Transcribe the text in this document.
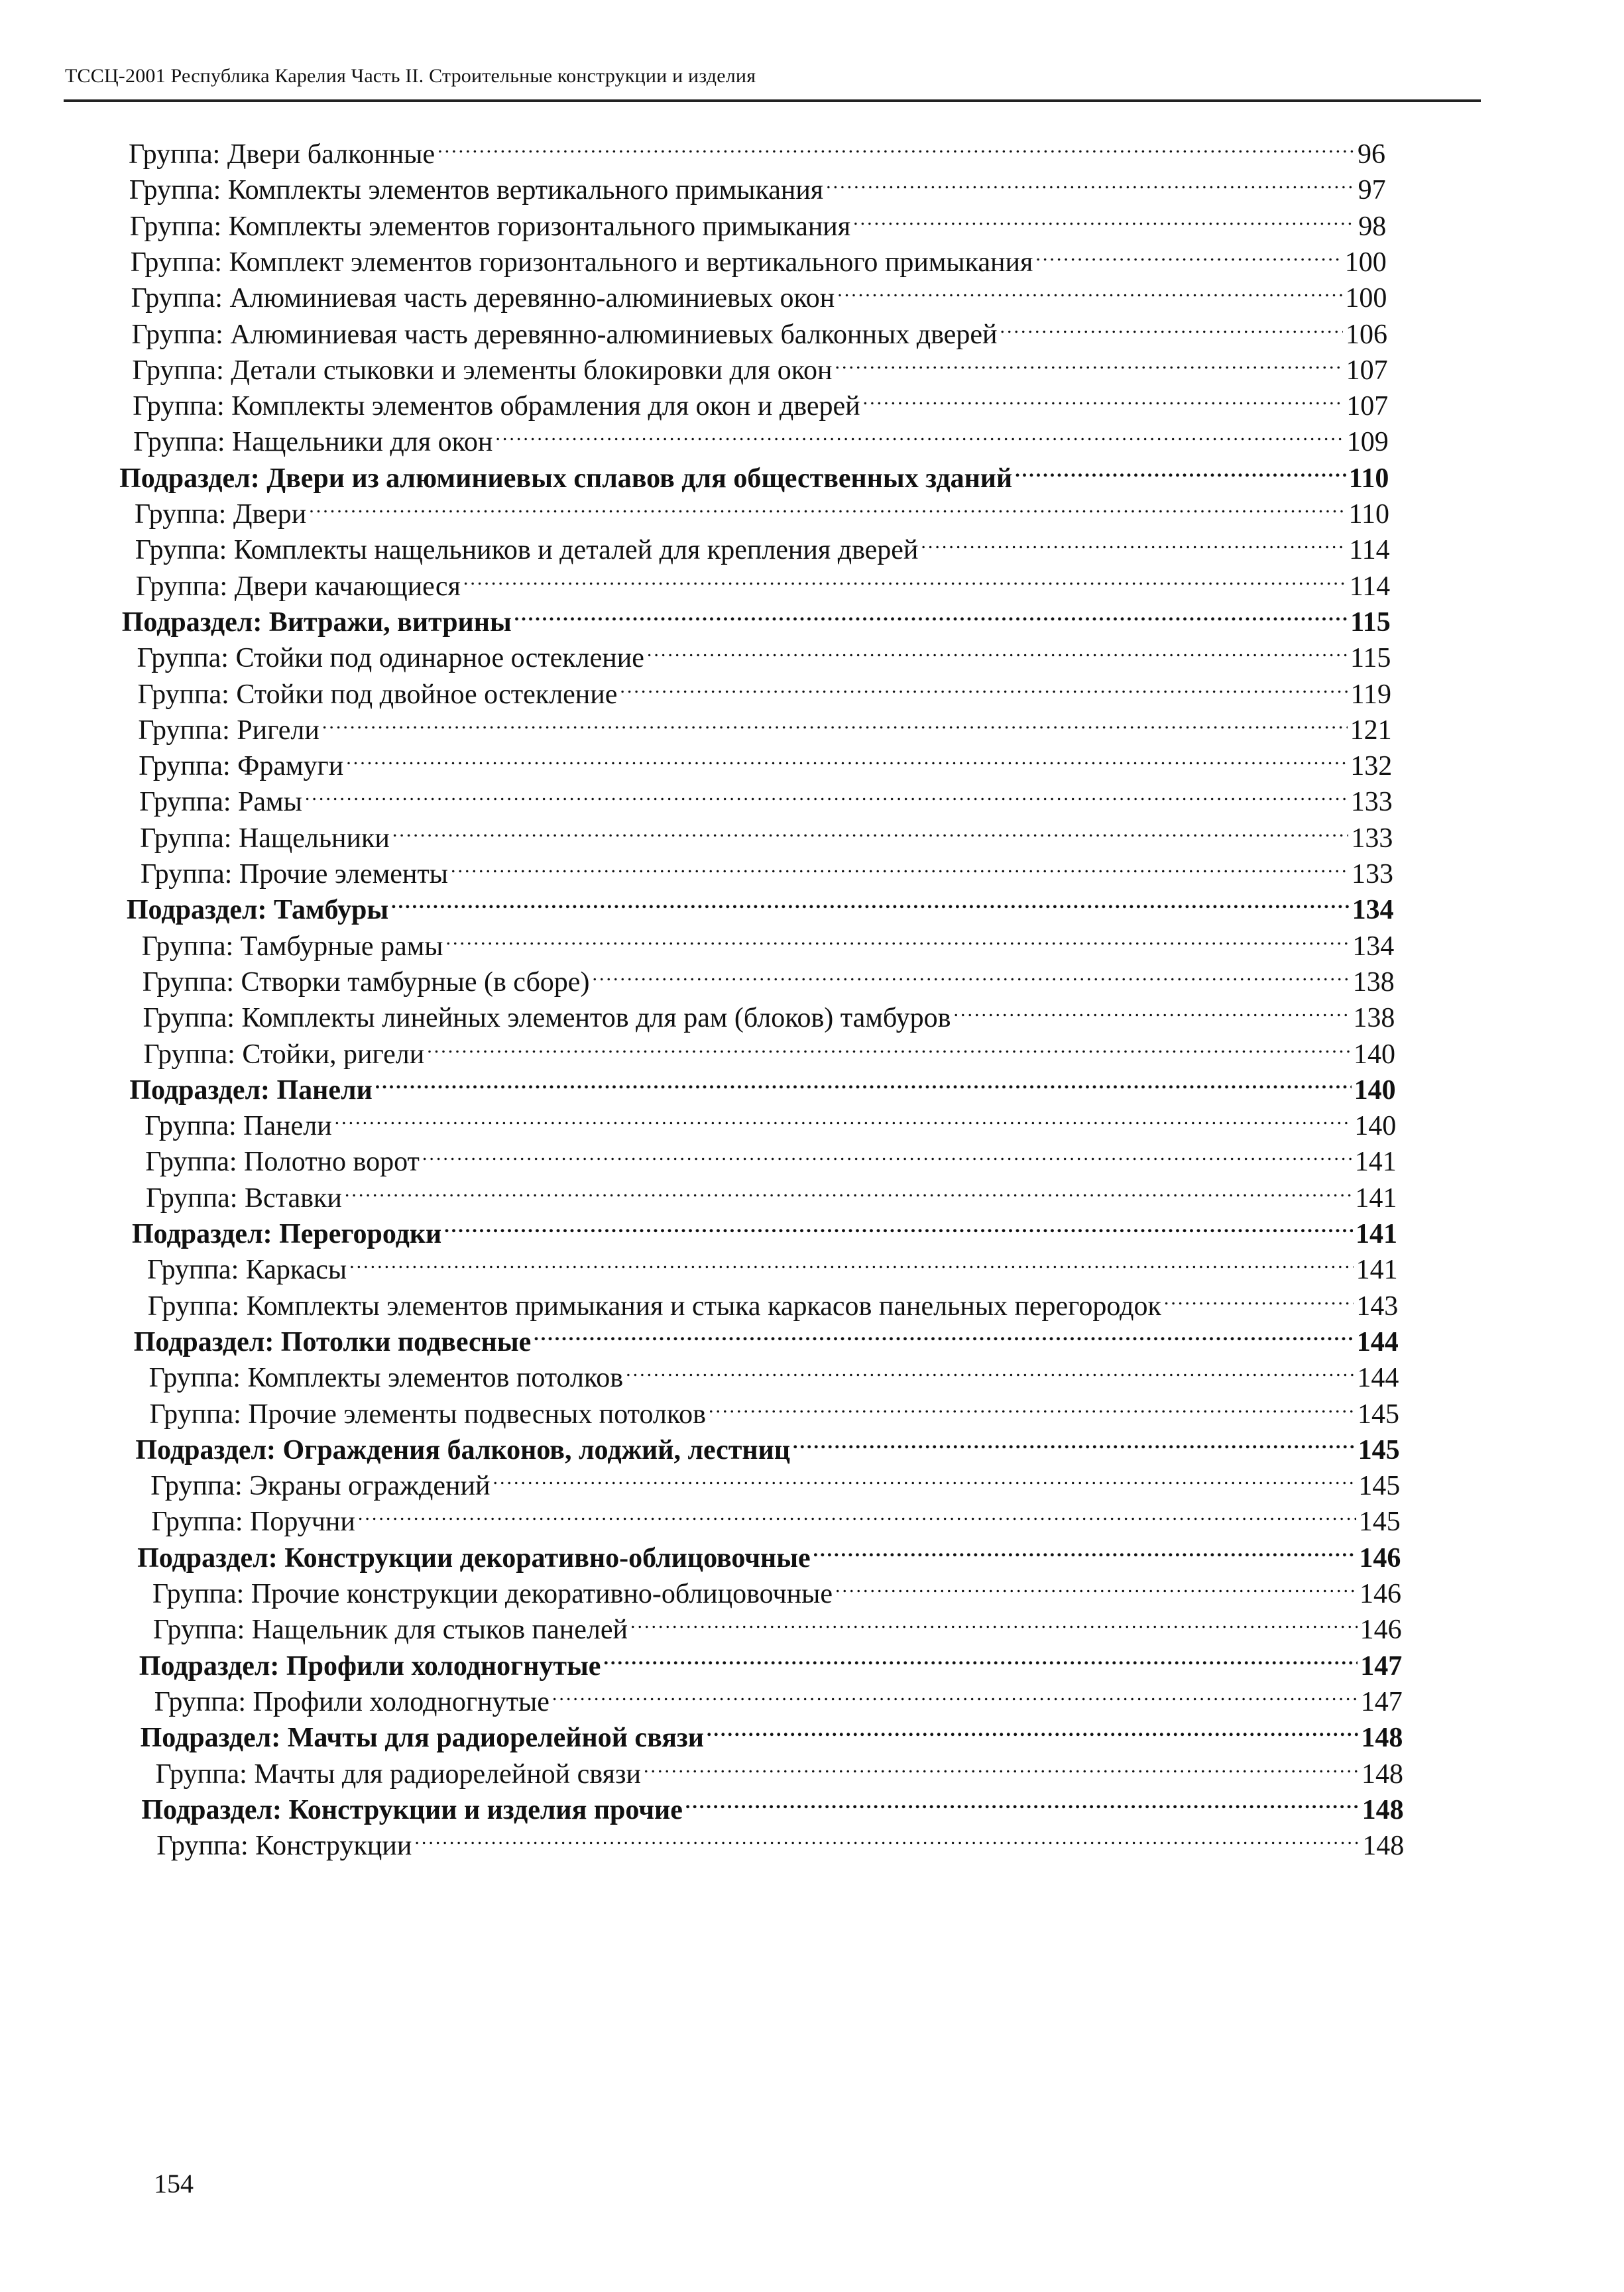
ТССЦ-2001 Республика Карелия Часть II. Строительные конструкции и изделия
Группа: Двери балконные .....	96
Группа: Комплекты элементов вертикального примыкания .....	97
Группа: Комплекты элементов горизонтального примыкания .....	98
Группа: Комплект элементов горизонтального и вертикального примыкания .....	100
Группа: Алюминиевая часть деревянно-алюминиевых окон .....	100
Группа: Алюминиевая часть деревянно-алюминиевых балконных дверей .....	106
Группа: Детали стыковки и элементы блокировки для окон .....	107
Группа: Комплекты элементов обрамления для окон и дверей .....	107
Группа: Нащельники для окон .....	109
Подраздел: Двери из алюминиевых сплавов для общественных зданий .....	110
Группа: Двери .....	110
Группа: Комплекты нащельников и деталей для крепления дверей .....	114
Группа: Двери качающиеся .....	114
Подраздел: Витражи, витрины .....	115
Группа: Стойки под одинарное остекление .....	115
Группа: Стойки под двойное остекление .....	119
Группа: Ригели .....	121
Группа: Фрамуги .....	132
Группа: Рамы .....	133
Группа: Нащельники .....	133
Группа: Прочие элементы .....	133
Подраздел: Тамбуры .....	134
Группа: Тамбурные рамы .....	134
Группа: Створки тамбурные (в сборе) .....	138
Группа: Комплекты линейных элементов для рам (блоков) тамбуров .....	138
Группа: Стойки, ригели .....	140
Подраздел: Панели .....	140
Группа: Панели .....	140
Группа: Полотно ворот .....	141
Группа: Вставки .....	141
Подраздел: Перегородки .....	141
Группа: Каркасы .....	141
Группа: Комплекты элементов примыкания и стыка каркасов панельных перегородок .....	143
Подраздел: Потолки подвесные .....	144
Группа: Комплекты элементов потолков .....	144
Группа: Прочие элементы подвесных потолков .....	145
Подраздел: Ограждения балконов, лоджий, лестниц .....	145
Группа: Экраны ограждений .....	145
Группа: Поручни .....	145
Подраздел: Конструкции декоративно-облицовочные .....	146
Группа: Прочие конструкции декоративно-облицовочные .....	146
Группа: Нащельник для стыков панелей .....	146
Подраздел: Профили холодногнутые .....	147
Группа: Профили холодногнутые .....	147
Подраздел: Мачты для радиорелейной связи .....	148
Группа: Мачты для радиорелейной связи .....	148
Подраздел: Конструкции и изделия прочие .....	148
Группа: Конструкции .....	148
154
